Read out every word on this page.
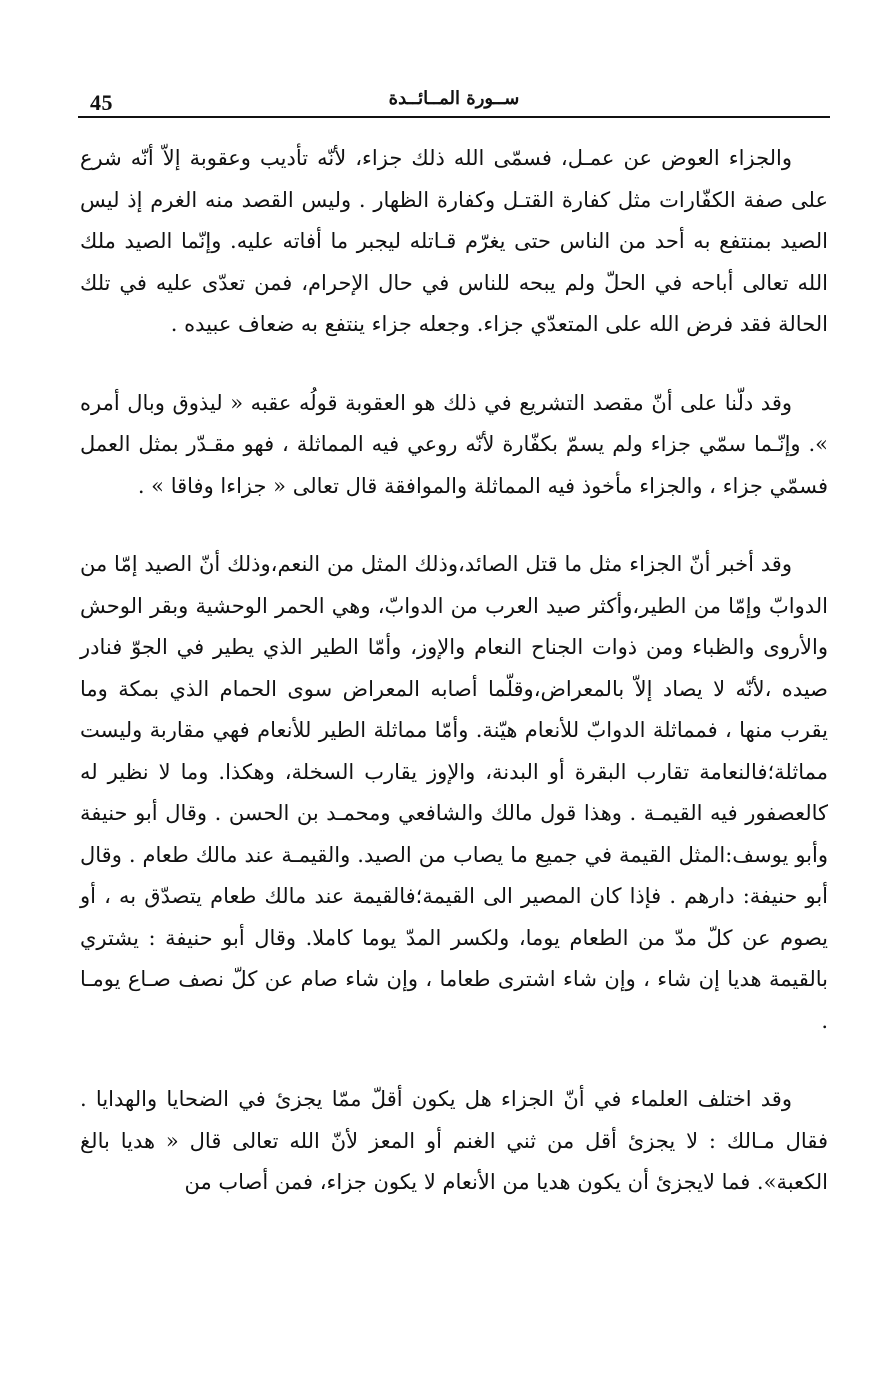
45	ســورة المــائــدة

والجزاء العوض عن عمـل، فسمّى الله ذلك جزاء، لأنّه تأديب وعقوبة إلاّ أنّه شرع على صفة الكفّارات مثل كفارة القتـل وكفارة الظهار . وليس القصد منه الغرم إذ ليس الصيد بمنتفع به أحد من الناس حتى يغرّم قـاتله ليجبر ما أفاته عليه. وإنّما الصيد ملك الله تعالى أباحه في الحلّ ولم يبحه للناس في حال الإحرام، فمن تعدّى عليه في تلك الحالة فقد فرض الله على المتعدّي جزاء. وجعله جزاء ينتفع به ضعاف عبيده .

وقد دلّنا على أنّ مقصد التشريع في ذلك هو العقوبة قولُه عقبه « ليذوق وبال أمره ». وإنّـما سمّي جزاء ولم يسمّ بكفّارة لأنّه روعي فيه المماثلة ، فهو مقـدّر بمثل العمل فسمّي جزاء ، والجزاء مأخوذ فيه المماثلة والموافقة قال تعالى « جزاءا وفاقا » .

وقد أخبر أنّ الجزاء مثل ما قتل الصائد،وذلك المثل من النعم،وذلك أنّ الصيد إمّا من الدوابّ وإمّا من الطير،وأكثر صيد العرب من الدوابّ، وهي الحمر الوحشية وبقر الوحش والأروى والظباء ومن ذوات الجناح النعام والإوز، وأمّا الطير الذي يطير في الجوّ فنادر صيده ،لأنّه لا يصاد إلاّ بالمعراض،وقلّما أصابه المعراض سوى الحمام الذي بمكة وما يقرب منها ، فمماثلة الدوابّ للأنعام هيّنة. وأمّا مماثلة الطير للأنعام فهي مقاربة وليست مماثلة؛فالنعامة تقارب البقرة أو البدنة، والإوز يقارب السخلة، وهكذا. وما لا نظير له كالعصفور فيه القيمـة . وهذا قول مالك والشافعي ومحمـد بن الحسن . وقال أبو حنيفة وأبو يوسف:المثل القيمة في جميع ما يصاب من الصيد. والقيمـة عند مالك طعام . وقال أبو حنيفة: دارهم . فإذا كان المصير الى القيمة؛فالقيمة عند مالك طعام يتصدّق به ، أو يصوم عن كلّ مدّ من الطعام يوما، ولكسر المدّ يوما كاملا. وقال أبو حنيفة : يشتري بالقيمة هديا إن شاء ، وإن شاء اشترى طعاما ، وإن شاء صام عن كلّ نصف صـاع يومـا .

وقد اختلف العلماء في أنّ الجزاء هل يكون أقلّ ممّا يجزئ في الضحايا والهدايا . فقال مـالك : لا يجزئ أقل من ثني الغنم أو المعز لأنّ الله تعالى قال « هديا بالغ الكعبة». فما لايجزئ أن يكون هديا من الأنعام لا يكون جزاء، فمن أصاب من
